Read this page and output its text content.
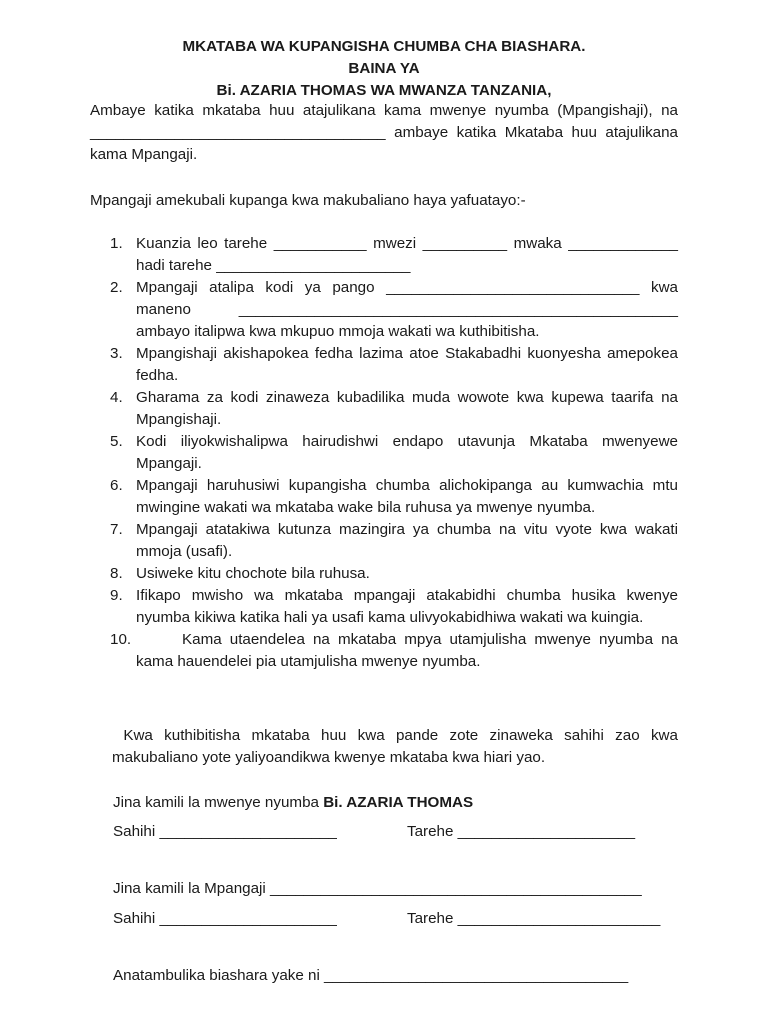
MKATABA WA KUPANGISHA CHUMBA CHA BIASHARA.
BAINA YA
Bi. AZARIA THOMAS WA MWANZA TANZANIA,
Ambaye katika mkataba huu atajulikana kama mwenye nyumba (Mpangishaji), na ___________________________________ ambaye katika Mkataba huu atajulikana kama Mpangaji.
Mpangaji amekubali kupanga kwa makubaliano haya yafuatayo:-
1. Kuanzia leo tarehe ___________ mwezi __________ mwaka _____________ hadi tarehe _______________________
2. Mpangaji atalipa kodi ya pango ______________________________ kwa maneno ____________________________________________________ ambayo italipwa kwa mkupuo mmoja wakati wa kuthibitisha.
3. Mpangishaji akishapokea fedha lazima atoe Stakabadhi kuonyesha amepokea fedha.
4. Gharama za kodi zinaweza kubadilika muda wowote kwa kupewa taarifa na Mpangishaji.
5. Kodi iliyokwishalipwa hairudishwi endapo utavunja Mkataba mwenyewe Mpangaji.
6. Mpangaji haruhusiwi kupangisha chumba alichokipanga au kumwachia mtu mwingine wakati wa mkataba wake bila ruhusa ya mwenye nyumba.
7. Mpangaji atatakiwa kutunza mazingira ya chumba na vitu vyote kwa wakati mmoja (usafi).
8. Usiweke kitu chochote bila ruhusa.
9. Ifikapo mwisho wa mkataba mpangaji atakabidhi chumba husika kwenye nyumba kikiwa katika hali ya usafi kama ulivyokabidhiwa wakati wa kuingia.
10.	Kama utaendelea na mkataba mpya utamjulisha mwenye nyumba na kama hauendelei pia utamjulisha mwenye nyumba.
Kwa kuthibitisha mkataba huu kwa pande zote zinaweka sahihi zao kwa makubaliano yote yaliyoandikwa kwenye mkataba kwa hiari yao.
Jina kamili la mwenye nyumba Bi. AZARIA THOMAS
Sahihi _____________________	Tarehe _____________________
Jina kamili la Mpangaji ____________________________________________
Sahihi _____________________	Tarehe ________________________
Anatambulika biashara yake ni ____________________________________
